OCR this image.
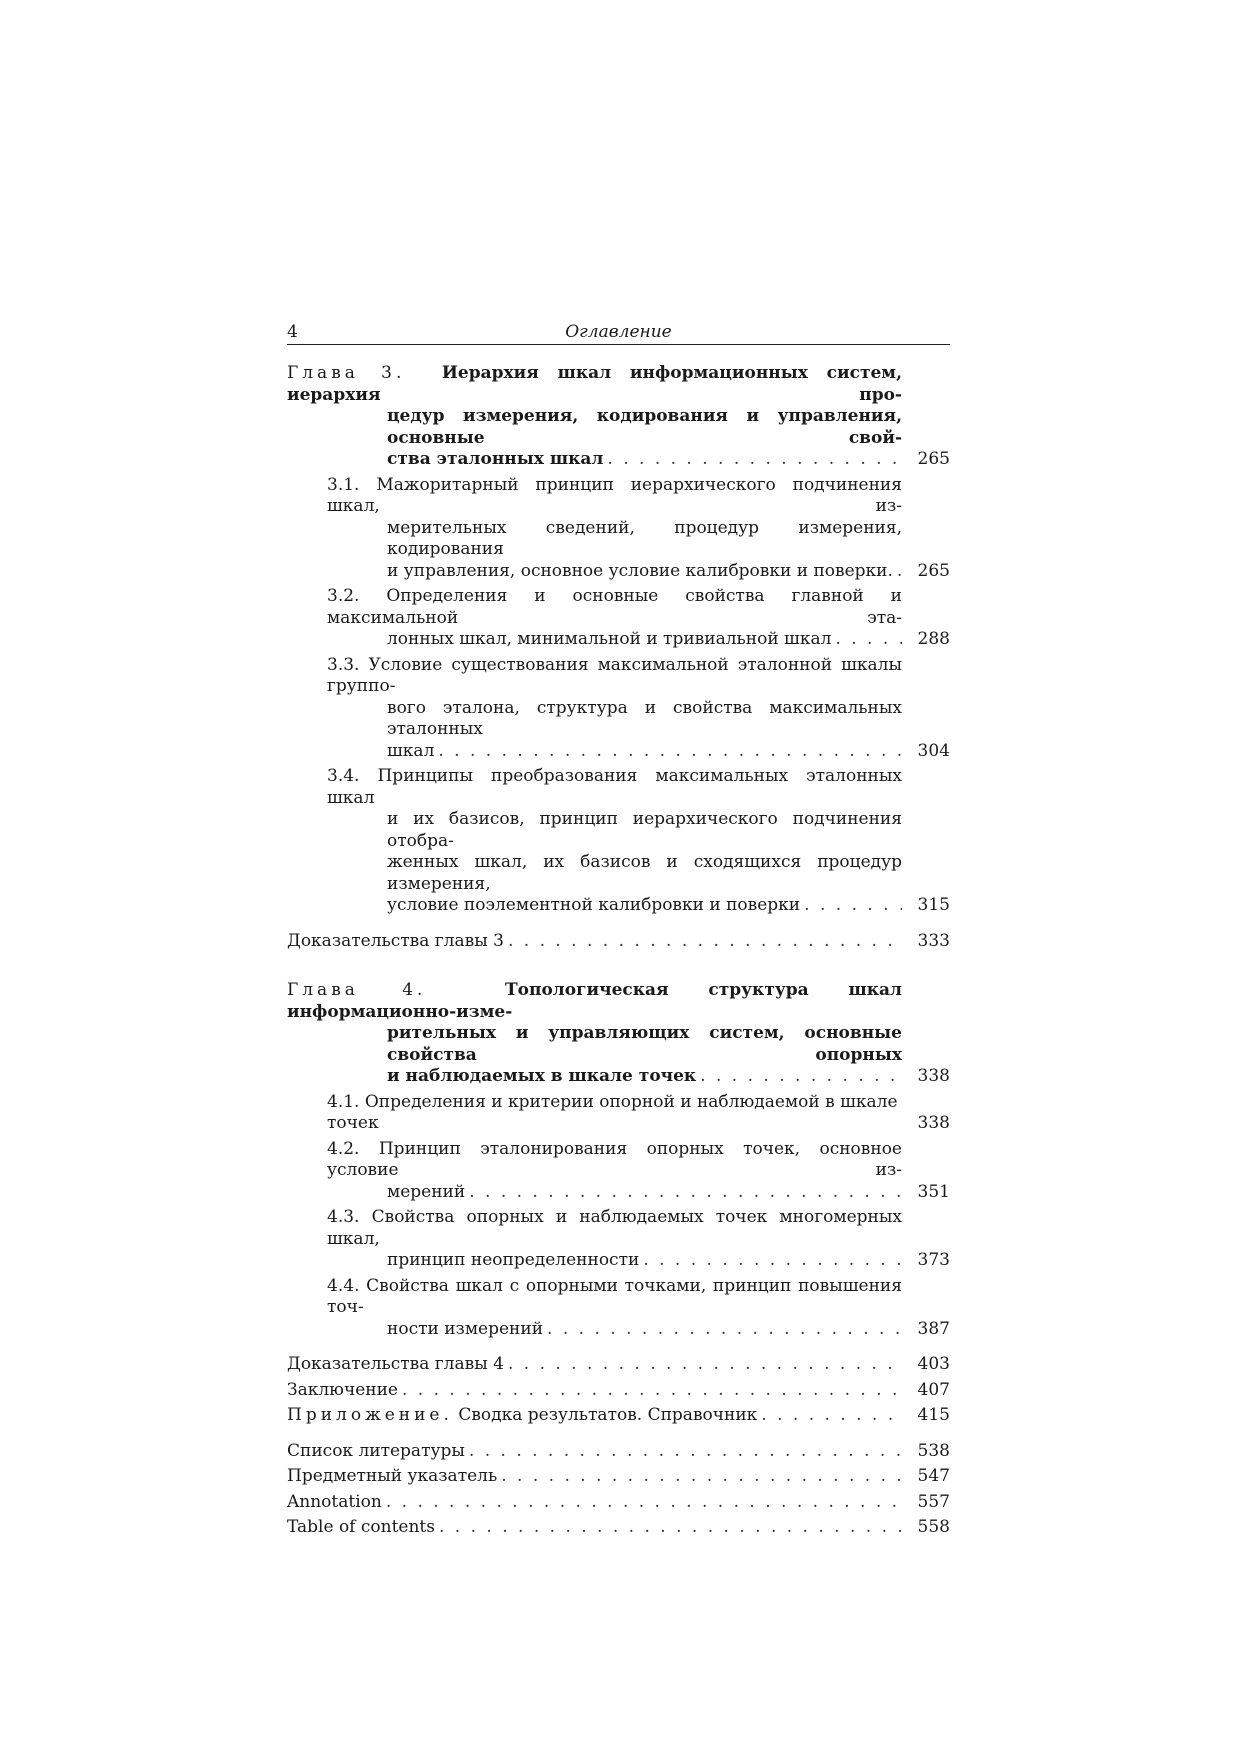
4	Оглавление
Глава 3. Иерархия шкал информационных систем, иерархия про-
цедур измерения, кодирования и управления, основные свой-
ства эталонных шкал . . .	265
3.1. Мажоритарный принцип иерархического подчинения шкал, из-
мерительных сведений, процедур измерения, кодирования
и управления, основное условие калибровки и поверки. . . .	265
3.2. Определения и основные свойства главной и максимальной эта-
лонных шкал, минимальной и тривиальной шкал . . .	288
3.3. Условие существования максимальной эталонной шкалы группо-
вого эталона, структура и свойства максимальных эталонных
шкал . . .	304
3.4. Принципы преобразования максимальных эталонных шкал
и их базисов, принцип иерархического подчинения отобра-
женных шкал, их базисов и сходящихся процедур измерения,
условие поэлементной калибровки и поверки . . .	315
Доказательства главы 3 . . .	333
Глава 4.	Топологическая структура шкал информационно-изме-
рительных и управляющих систем, основные свойства опорных
и наблюдаемых в шкале точек . . .	338
4.1. Определения и критерии опорной и наблюдаемой в шкале точек	338
4.2. Принцип эталонирования опорных точек, основное условие из-
мерений . . .	351
4.3. Свойства опорных и наблюдаемых точек многомерных шкал,
принцип неопределенности . . .	373
4.4. Свойства шкал с опорными точками, принцип повышения точ-
ности измерений . . .	387
Доказательства главы 4 . . .	403
Заключение . . .	407
Приложение. Сводка результатов. Справочник . . .	415
Список литературы . . .	538
Предметный указатель . . .	547
Annotation . . .	557
Table of contents . . .	558
